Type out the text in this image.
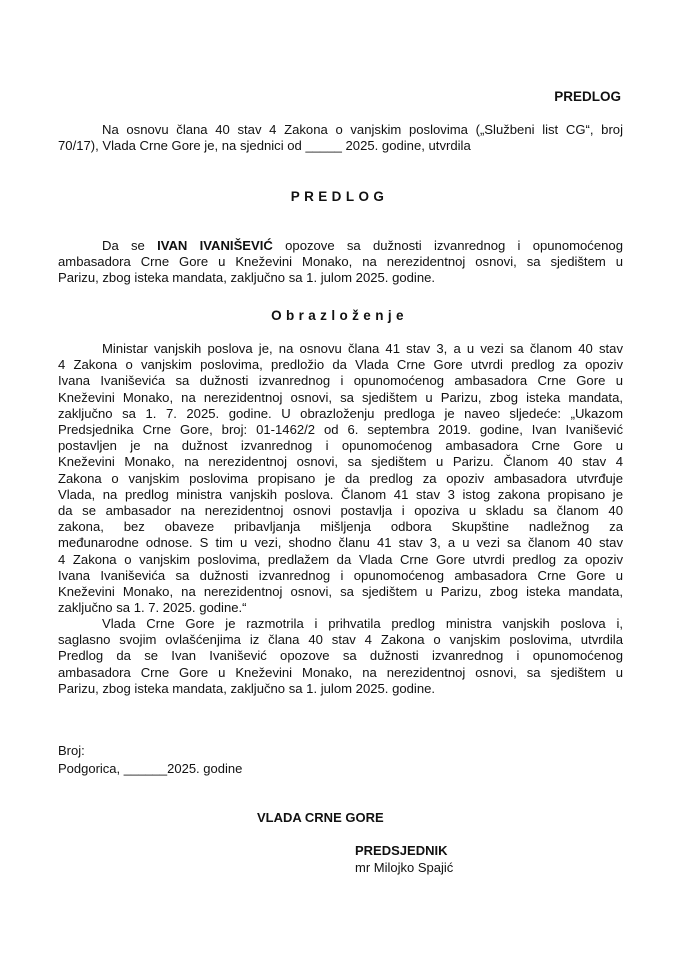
PREDLOG
Na osnovu člana 40 stav 4 Zakona o vanjskim poslovima („Službeni list CG“, broj
70/17), Vlada Crne Gore je, na sjednici od _____ 2025. godine, utvrdila
PREDLOG
Da se IVAN IVANIŠEVIĆ opozove sa dužnosti izvanrednog i opunomoćenog
ambasadora Crne Gore u Kneževini Monako, na nerezidentnoj osnovi, sa sjedištem u
Parizu, zbog isteka mandata, zaključno sa 1. julom 2025. godine.
Obrazloženje
Ministar vanjskih poslova je, na osnovu člana 41 stav 3, a u vezi sa članom 40 stav
4 Zakona o vanjskim poslovima, predložio da Vlada Crne Gore utvrdi predlog za opoziv
Ivana Ivaniševića sa dužnosti izvanrednog i opunomoćenog ambasadora Crne Gore u
Kneževini Monako, na nerezidentnoj osnovi, sa sjedištem u Parizu, zbog isteka mandata,
zaključno sa 1. 7. 2025. godine. U obrazloženju predloga je naveo sljedeće: „Ukazom
Predsjednika Crne Gore, broj: 01-1462/2 od 6. septembra 2019. godine, Ivan Ivanišević
postavljen je na dužnost izvanrednog i opunomoćenog ambasadora Crne Gore u
Kneževini Monako, na nerezidentnoj osnovi, sa sjedištem u Parizu. Članom 40 stav 4
Zakona o vanjskim poslovima propisano je da predlog za opoziv ambasadora utvrđuje
Vlada, na predlog ministra vanjskih poslova. Članom 41 stav 3 istog zakona propisano je
da se ambasador na nerezidentnoj osnovi postavlja i opoziva u skladu sa članom 40
zakona, bez obaveze pribavljanja mišljenja odbora Skupštine nadležnog za
međunarodne odnose. S tim u vezi, shodno članu 41 stav 3, a u vezi sa članom 40 stav
4 Zakona o vanjskim poslovima, predlažem da Vlada Crne Gore utvrdi predlog za opoziv
Ivana Ivaniševića sa dužnosti izvanrednog i opunomoćenog ambasadora Crne Gore u
Kneževini Monako, na nerezidentnoj osnovi, sa sjedištem u Parizu, zbog isteka mandata,
zaključno sa 1. 7. 2025. godine.“
Vlada Crne Gore je razmotrila i prihvatila predlog ministra vanjskih poslova i,
saglasno svojim ovlašćenjima iz člana 40 stav 4 Zakona o vanjskim poslovima, utvrdila
Predlog da se Ivan Ivanišević opozove sa dužnosti izvanrednog i opunomoćenog
ambasadora Crne Gore u Kneževini Monako, na nerezidentnoj osnovi, sa sjedištem u
Parizu, zbog isteka mandata, zaključno sa 1. julom 2025. godine.
Broj:
Podgorica, ______2025. godine
VLADA CRNE GORE
PREDSJEDNIK
mr Milojko Spajić
